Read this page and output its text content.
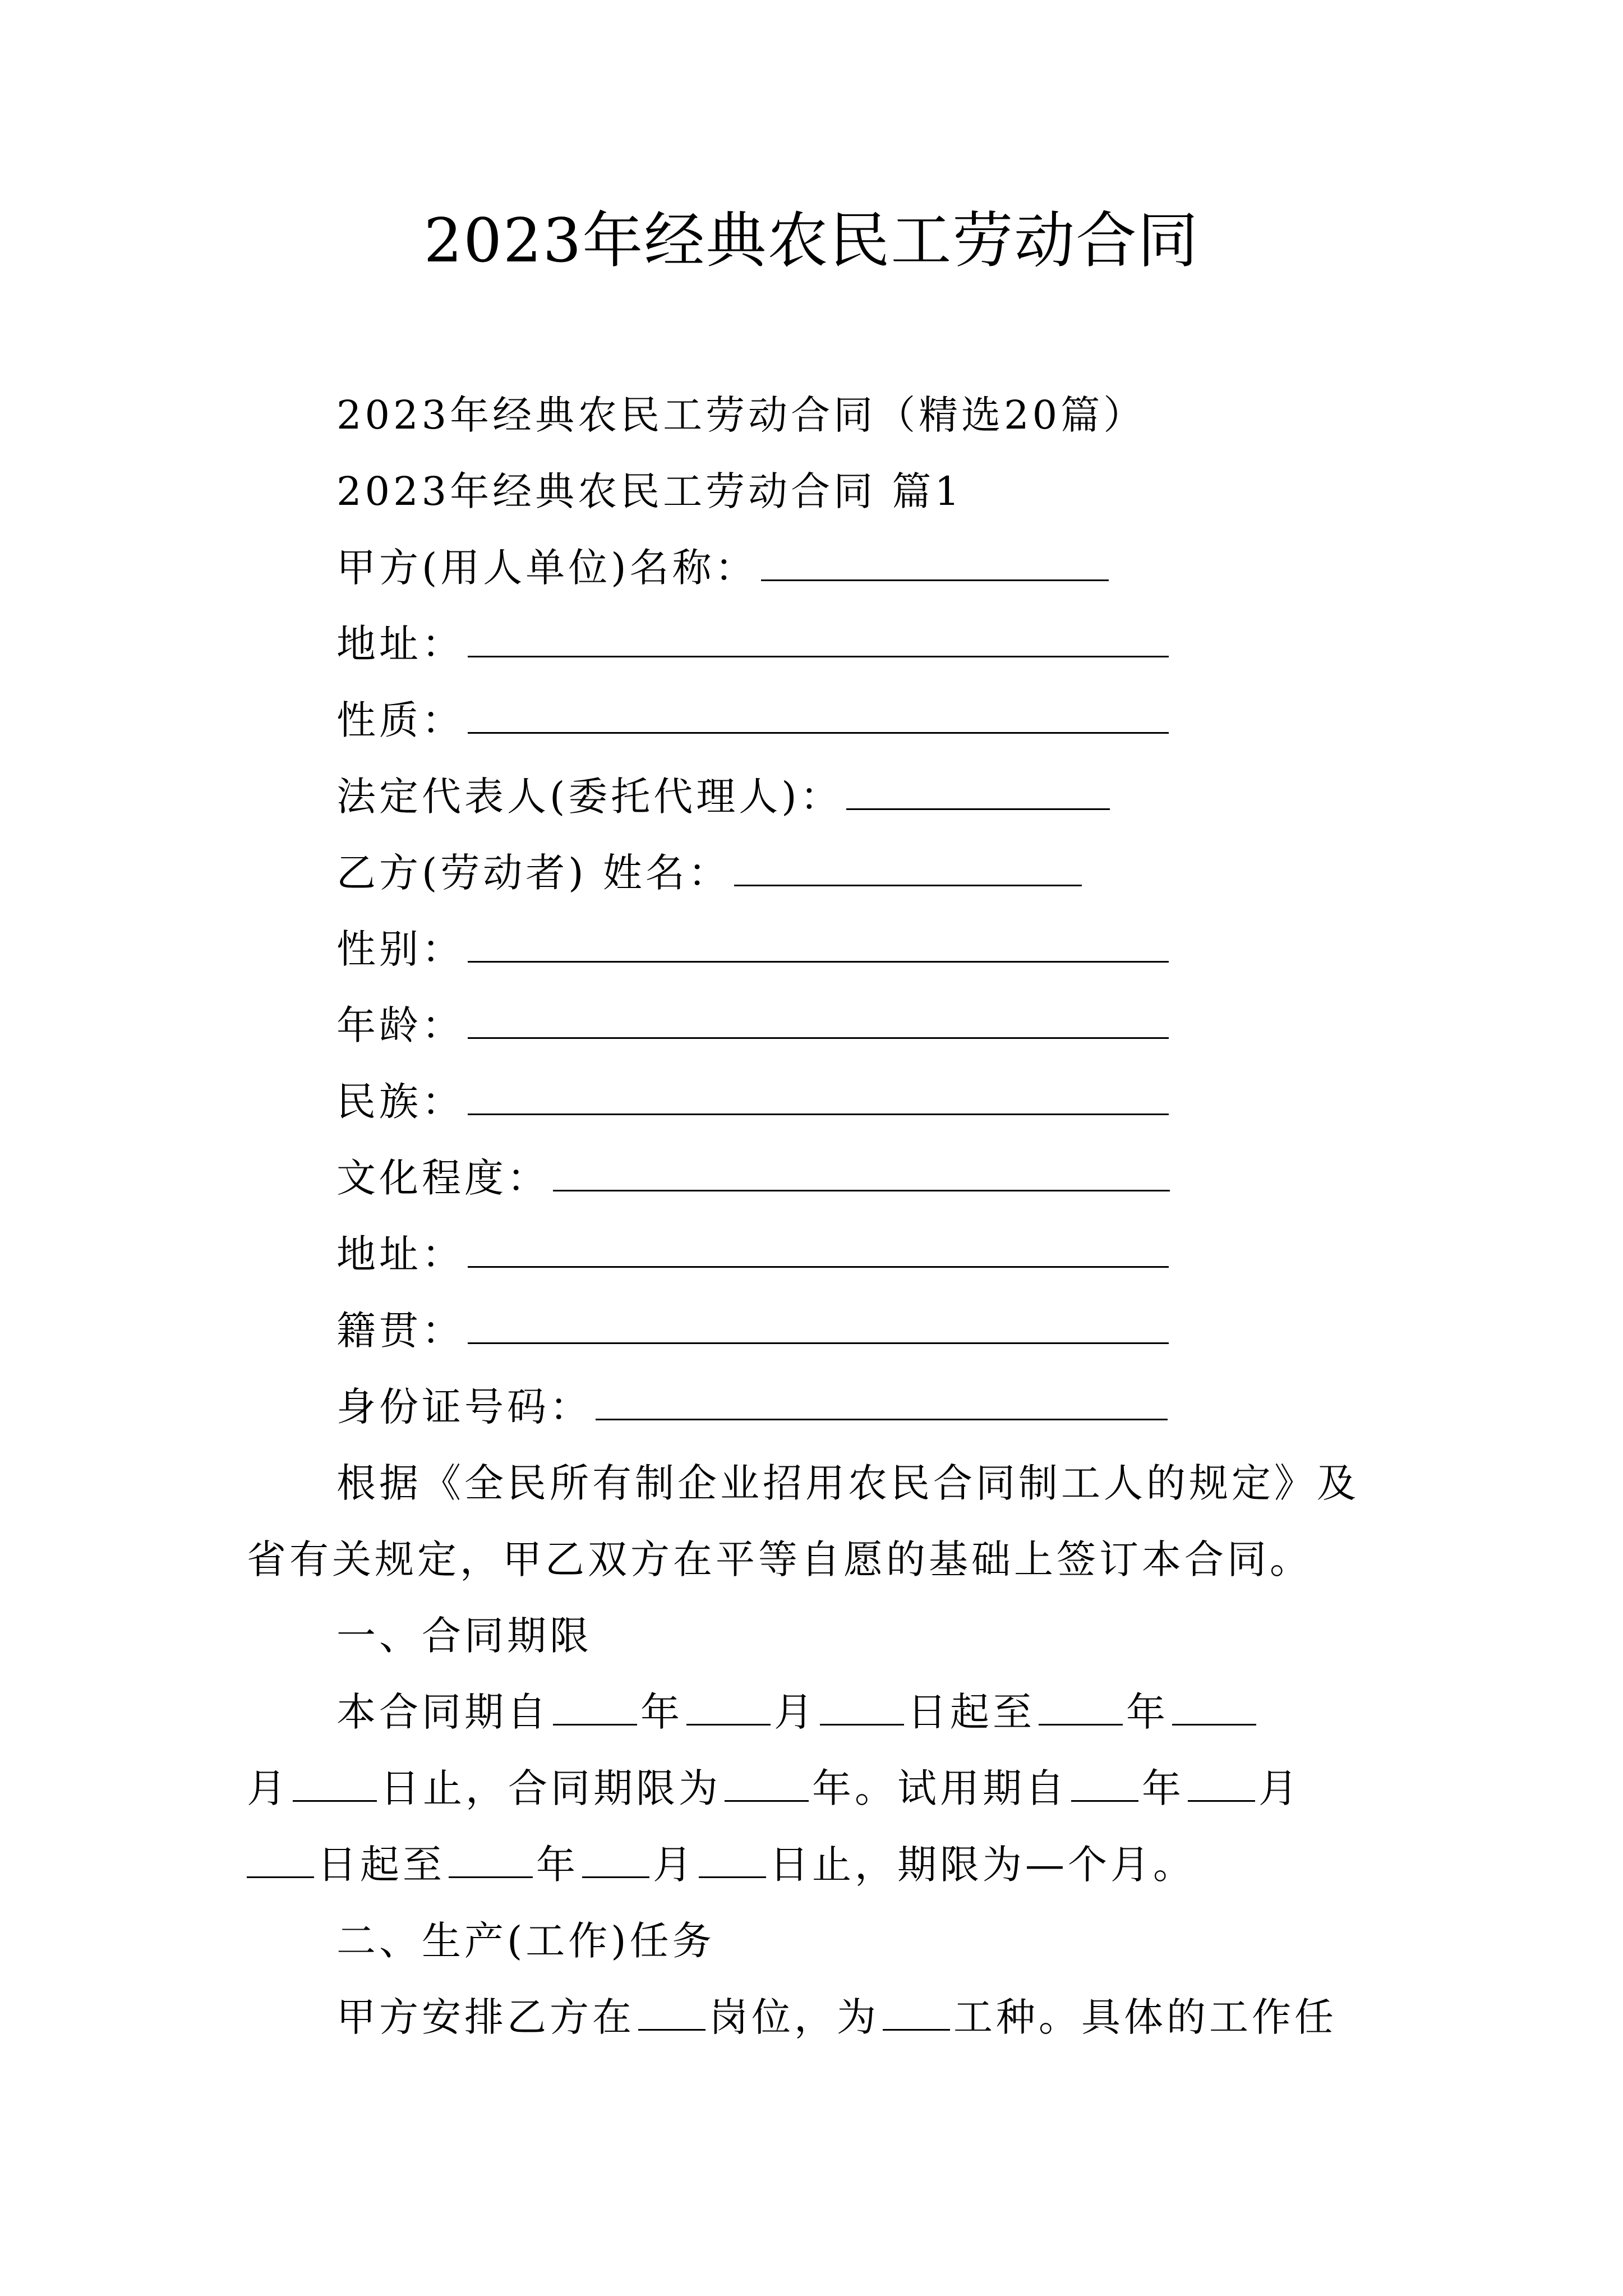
2023年经典农民工劳动合同
2023年经典农民工劳动合同（精选20篇）
2023年经典农民工劳动合同 篇1
甲方(用人单位)名称：
地址：
性质：
法定代表人(委托代理人)：
乙方(劳动者) 姓名：
性别：
年龄：
民族：
文化程度：
地址：
籍贯：
身份证号码：
根据《全民所有制企业招用农民合同制工人的规定》及
省有关规定，甲乙双方在平等自愿的基础上签订本合同。
一、合同期限
本合同期自 年 月 日起至 年
月 日止，合同期限为 年。试用期自 年 月
日起至 年 月 日止，期限为—个月。
二、生产(工作)任务
甲方安排乙方在 岗位，为 工种。具体的工作任
